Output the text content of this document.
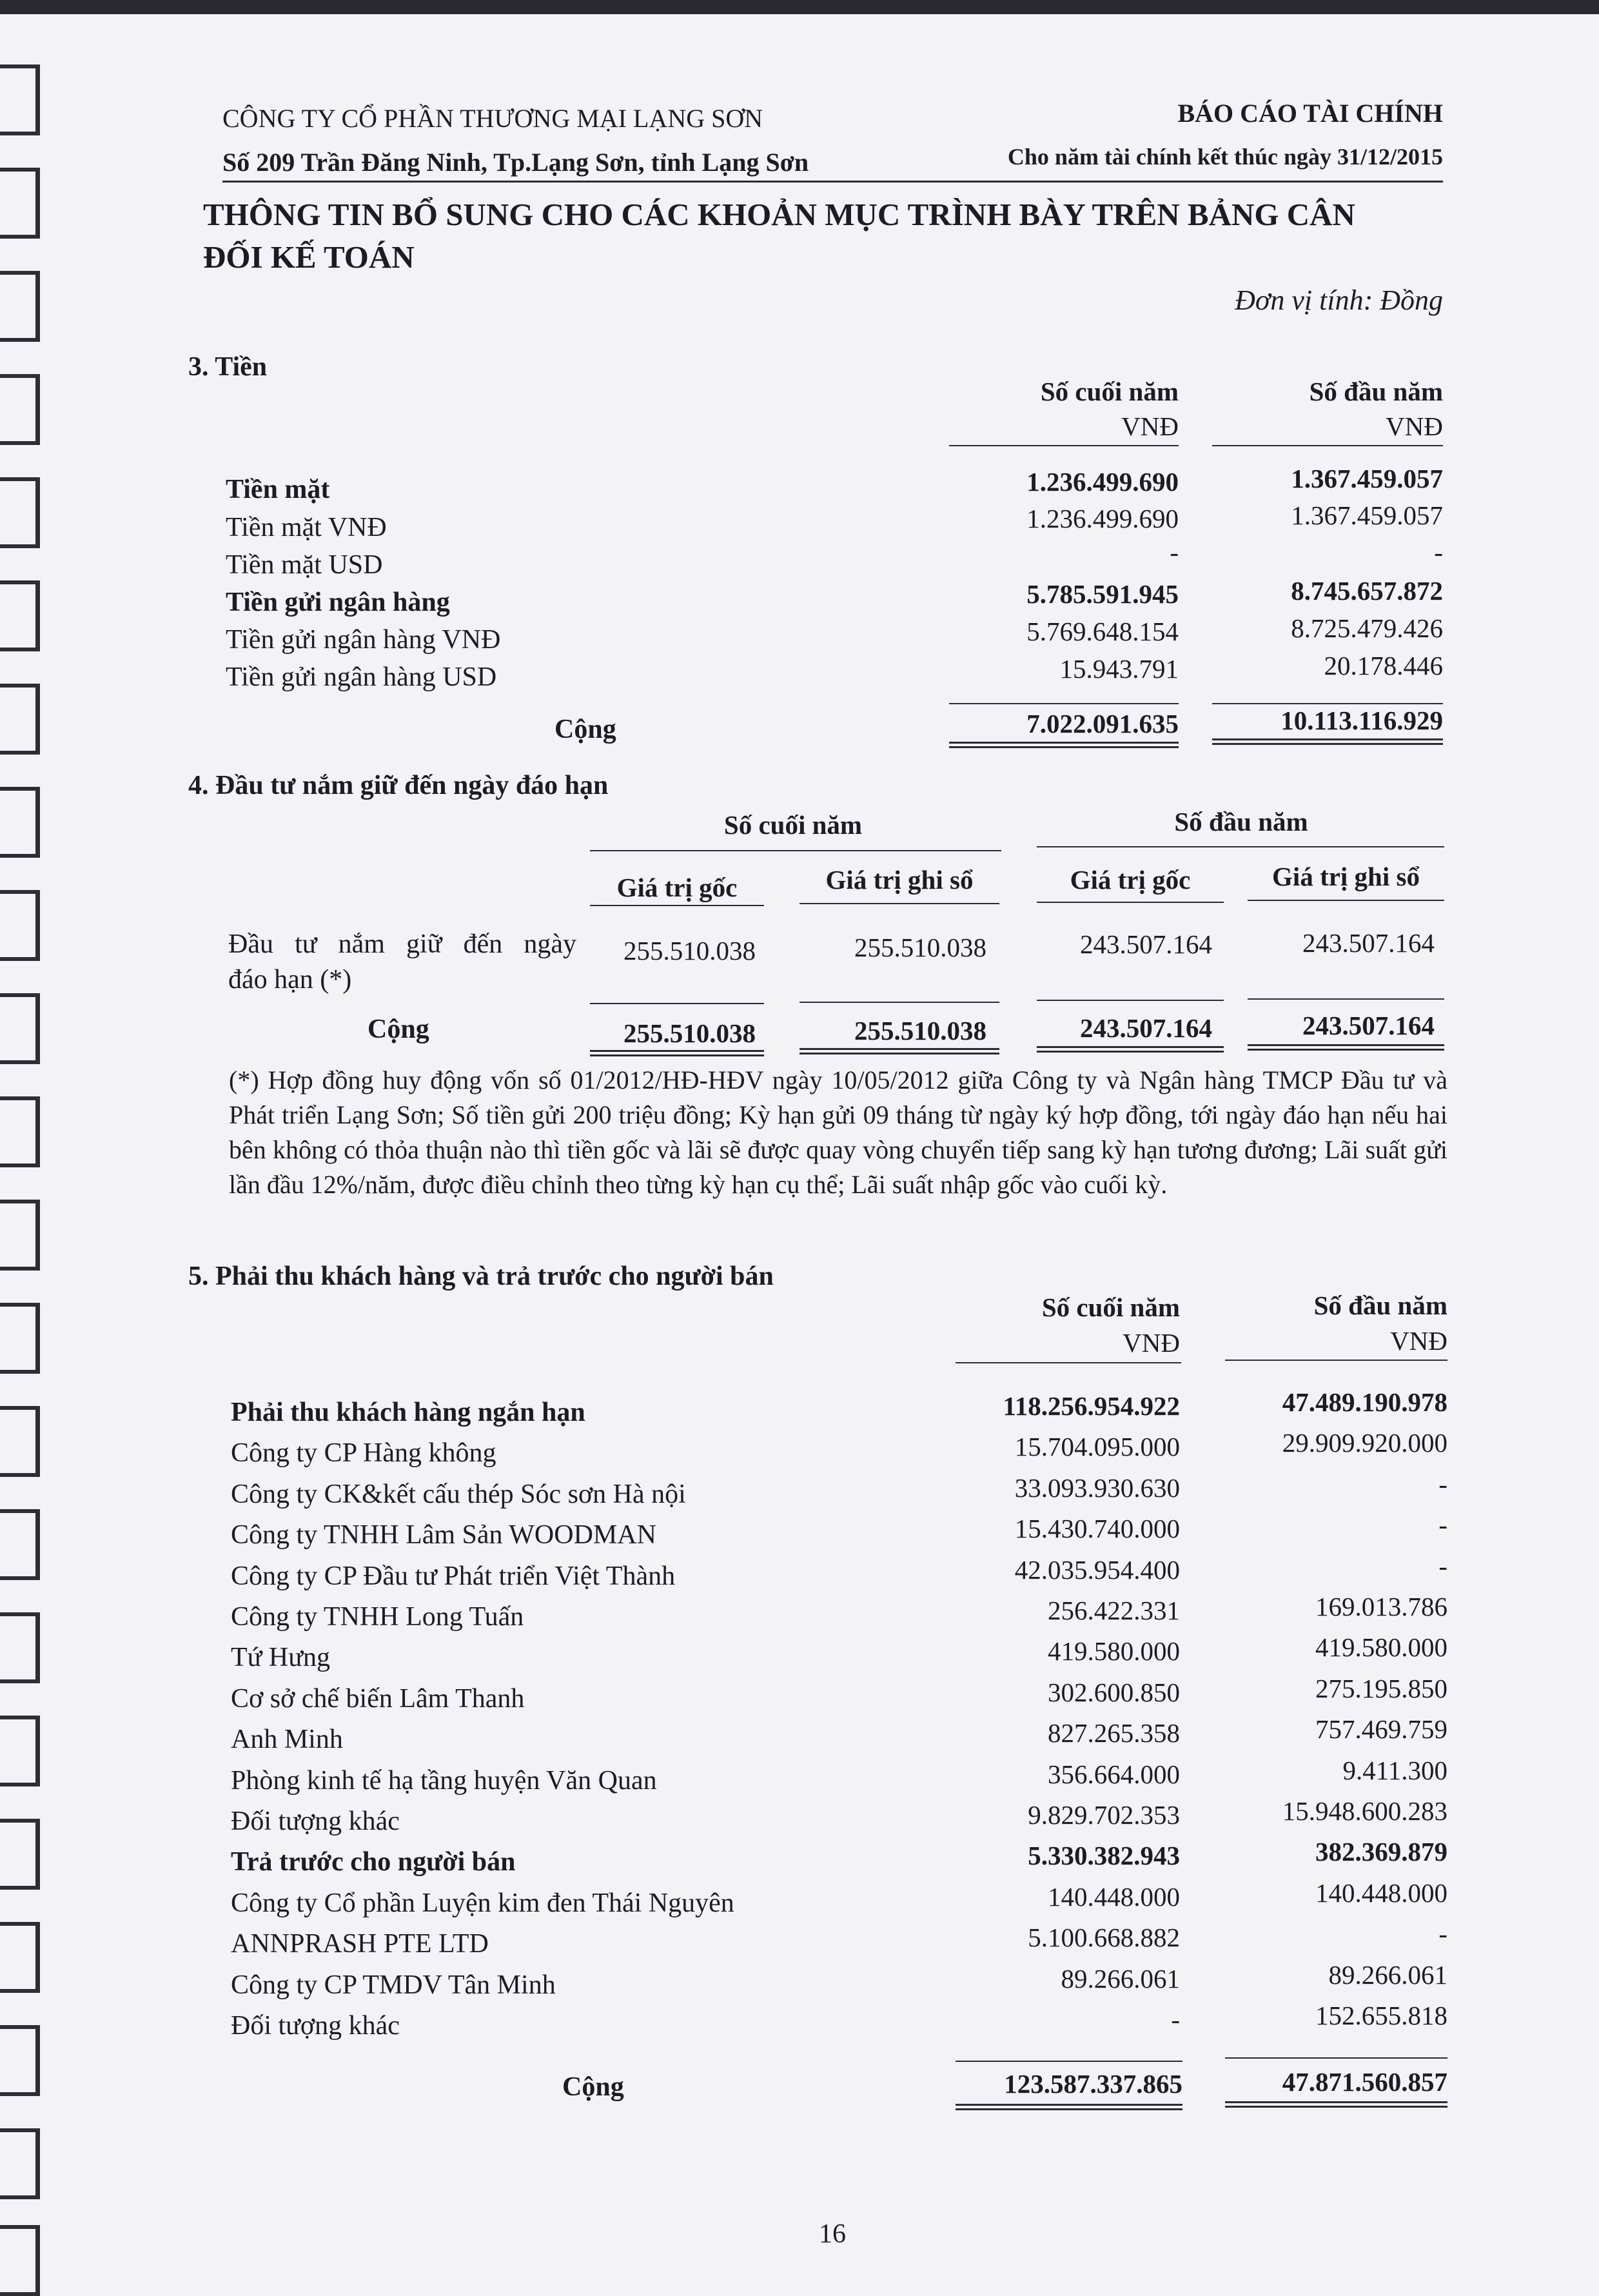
CÔNG TY CỔ PHẦN THƯƠNG MẠI LẠNG SƠN
Số 209 Trần Đăng Ninh, Tp.Lạng Sơn, tỉnh Lạng Sơn
BÁO CÁO TÀI CHÍNH
Cho năm tài chính kết thúc ngày 31/12/2015
THÔNG TIN BỔ SUNG CHO CÁC KHOẢN MỤC TRÌNH BÀY TRÊN BẢNG CÂN
ĐỐI KẾ TOÁN
Đơn vị tính: Đồng
3. Tiền
Số cuối năm
VNĐ
Số đầu năm
VNĐ
Tiền mặt	1.236.499.690	1.367.459.057
Tiền mặt VNĐ	1.236.499.690	1.367.459.057
Tiền mặt USD	-	-
Tiền gửi ngân hàng	5.785.591.945	8.745.657.872
Tiền gửi ngân hàng VNĐ	5.769.648.154	8.725.479.426
Tiền gửi ngân hàng USD	15.943.791	20.178.446
Cộng	7.022.091.635	10.113.116.929
4. Đầu tư nắm giữ đến ngày đáo hạn
Số cuối năm	Số đầu năm
Giá trị gốc	Giá trị ghi sổ	Giá trị gốc	Giá trị ghi sổ
Đầu tư nắm giữ đến ngày
đáo hạn (*)
255.510.038	255.510.038	243.507.164	243.507.164
Cộng	255.510.038	255.510.038	243.507.164	243.507.164
(*) Hợp đồng huy động vốn số 01/2012/HĐ-HĐV ngày 10/05/2012 giữa Công ty và Ngân hàng TMCP Đầu tư và Phát triển Lạng Sơn; Số tiền gửi 200 triệu đồng; Kỳ hạn gửi 09 tháng từ ngày ký hợp đồng, tới ngày đáo hạn nếu hai bên không có thỏa thuận nào thì tiền gốc và lãi sẽ được quay vòng chuyển tiếp sang kỳ hạn tương đương; Lãi suất gửi lần đầu 12%/năm, được điều chỉnh theo từng kỳ hạn cụ thể; Lãi suất nhập gốc vào cuối kỳ.
5. Phải thu khách hàng và trả trước cho người bán
Số cuối năm
VNĐ
Số đầu năm
VNĐ
Phải thu khách hàng ngắn hạn	118.256.954.922	47.489.190.978
Công ty CP Hàng không	15.704.095.000	29.909.920.000
Công ty CK&kết cấu thép Sóc sơn Hà nội	33.093.930.630	-
Công ty TNHH Lâm Sản WOODMAN	15.430.740.000	-
Công ty CP Đầu tư Phát triển Việt Thành	42.035.954.400	-
Công ty TNHH Long Tuấn	256.422.331	169.013.786
Tứ Hưng	419.580.000	419.580.000
Cơ sở chế biến Lâm Thanh	302.600.850	275.195.850
Anh Minh	827.265.358	757.469.759
Phòng kinh tế hạ tầng huyện Văn Quan	356.664.000	9.411.300
Đối tượng khác	9.829.702.353	15.948.600.283
Trả trước cho người bán	5.330.382.943	382.369.879
Công ty Cổ phần Luyện kim đen Thái Nguyên	140.448.000	140.448.000
ANNPRASH PTE LTD	5.100.668.882	-
Công ty CP TMDV Tân Minh	89.266.061	89.266.061
Đối tượng khác	-	152.655.818
Cộng	123.587.337.865	47.871.560.857
16
